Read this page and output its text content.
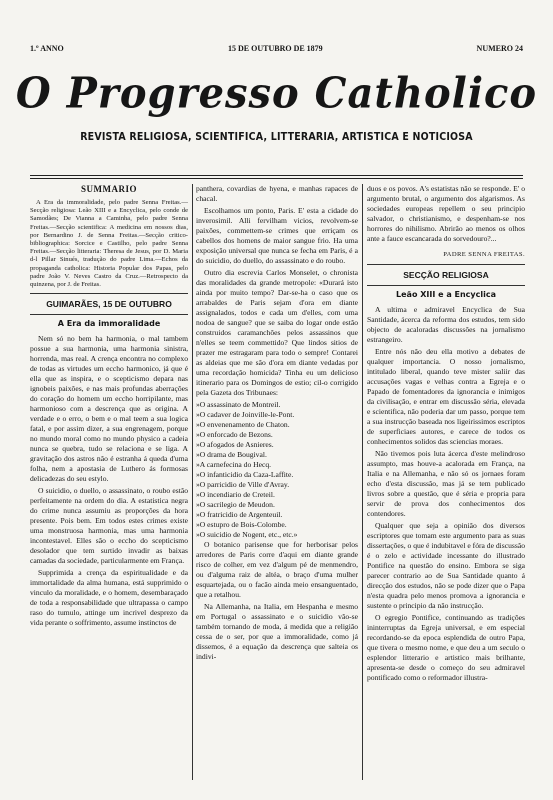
1.º ANNO	15 DE OUTUBRO DE 1879	NUMERO 24
O Progresso Catholico
REVISTA RELIGIOSA, SCIENTIFICA, LITTERARIA, ARTISTICA E NOTICIOSA
SUMMARIO
A Era da immoralidade, pelo padre Senna Freitas.—Secção religiosa: Leão XIII e a Encyclica, pelo conde de Samodães; De Vianna a Caminha, pelo padre Senna Freitas.—Secção scientifica: A medicina em nossos dias, por Bernardino J. de Senna Freitas.—Secção critico-bibliographica: Sorcice e Castilho, pelo padre Senna Freitas.—Secção litteraria: Theresa de Jesus, por D. Maria d-l Pillar Sinués, tradução do padre Lima.—Echos da propaganda catholica: Historia Popular dos Papas, pelo padre João V. Neves Castro da Cruz.—Retrospecto da quinzena, por J. de Freitas.
GUIMARÃES, 15 DE OUTUBRO
A Era da immoralidade

Nem só no bem ha harmonia, o mal tambem possue a sua harmonia, uma harmonia sinistra, horrenda, mas real. A crença encontra no complexo de todas as virtudes um eccho harmonico, já que é ella que as inspira, e o scepticismo depara nas ignobeis paixões, e nas mais profundas aberrações do coração do homem um eccho horripilante, mas harmonioso com a descrença que as origina. A verdade e o erro, o bem e o mal teem a sua logica fatal, e por assim dizer, a sua engrenagem, porque no mundo moral como no mundo physico a cadeia nunca se quebra, tudo se relaciona e se liga. A gravitação dos astros não é estranha á queda d'uma folha, nem a apostasia de Luthero ás formosas delicadezas do seu estylo.

O suicidio, o duello, o assassinato, o roubo estão perfeitamente na ordem do dia. A estatistica negra do crime nunca assumiu as proporções da hora presente. Pois bem. Em todos estes crimes existe uma monstruosa harmonia, mas uma harmonia incontestavel. Elles são o eccho do scepticismo desolador que tem surtido invadir as baixas camadas da sociedade, particularmente em França.

Supprimida a crença da espiritualidade e da immortalidade da alma humana, está supprimido o vinculo da moralidade, e o homem, desembaraçado de toda a responsabilidade que ultrapassa o campo raso do tumulo, attinge um incrivel desprezo da vida perante o soffrimento, assume instinctos de

panthera, covardias de hyena, e manhas rapaces de chacal.

Escolhamos um ponto, Paris. E' esta a cidade do inverosimil. Alli fervilham vicios, revolvem-se paixões, commettem-se crimes que erriçam os cabellos dos homens de maior sangue frio. Ha uma exposição universal que nunca se fecha em Paris, é a do suicidio, do duello, do assassinato e do roubo.

Outro dia escrevia Carlos Monselet, o chronista das moralidades da grande metropole: «Durará isto ainda por muito tempo? Dar-se-ha o caso que os arrabaldes de Paris sejam d'ora em diante assignalados, todos e cada um d'elles, com uma nodoa de sangue? que se saiba do logar onde estão construidos caramanchões pelos assassinos que n'elles se teem commettido? Que lindos sitios de prazer me estragaram para todo o sempre! Contarei as aldeias que me são d'ora em diante vedadas por uma recordação homicida? Tinha eu um delicioso itinerario para os Domingos de estio; cil-o corrigido pela Gazeta dos Tribunaes:

»O assassinato de Montreil.

»O cadaver de Joinville-le-Pont.

»O envenenamento de Chaton.

»O enforcado de Bezons.

»O afogados de Asnieres.

»O drama de Bougival.

»A carnefecina do Hecq.

»O infanticidio da Caza-Laffite.

»O parricidio de Ville d'Avray.

»O incendiario de Creteil.

»O sacrilegio de Meudon.

»O fratricidio de Argenteuil.

»O estupro de Bois-Colombe.

»O suicidio de Nogent, etc., etc.»

O botanico parisense que for herborisar pelos arredores de Paris corre d'aqui em diante grande risco de colher, em vez d'algum pé de menmendro, ou d'alguma raiz de altéa, o braço d'uma mulher esquartejada, ou o facão ainda meio ensanguentado, que a retalhou.

Na Allemanha, na Italia, em Hespanha e mesmo em Portugal o assassinato e o suicidio vão-se também tornando de moda, á medida que a religião cessa de o ser, por que a immoralidade, como já dissemos, é a equação da descrença que salteia os indivi-

duos e os povos. A's estatistas não se responde. E' o argumento brutal, o argumento dos algarismos. As sociedades europeas repellem o seu principio salvador, o christianismo, e despenham-se nos horrores do nihilismo. Abrirão ao menos os olhos ante a fauce escancarada do sorvedouro?...

PADRE SENNA FREITAS.
SECÇÃO RELIGIOSA
Leão XIII e a Encyclica

A ultima e admiravel Encyclica de Sua Santidade, ácerca da reforma dos estudos, tem sido objecto de acaloradas discussões na jornalismo estrangeiro.

Entre nós não deu ella motivo a debates de qualquer importancia. O nosso jornalismo, intitulado liberal, quando teve mister saliir das accusações vagas e velhas contra a Egreja e o Papado de fomentadores da ignorancia e inimigos da civilisação, e entrar em discussão séria, elevada e scientifica, não poderia dar um passo, porque tem a sua instrucção baseada nos ligeirissimos escriptos de superficiaes autores, e carece de todos os conhecimentos solidos das sciencias moraes.

Não tivemos pois luta ácerca d'este melindroso assumpto, mas houve-a acalorada em França, na Italia e na Allemanha, e não só os jornaes foram echo d'esta discussão, mas já se tem publicado livros sobre a questão, que é séria e propria para servir de prova dos conhecimentos dos contendores.

Qualquer que seja a opinião dos diversos escriptores que tomam este argumento para as suas dissertações, o que é indubitavel e fóra de discussão é o zelo e actividade incessante do illustrado Pontifice na questão do ensino. Embora se siga parecer contrario ao de Sua Santidade quanto á direcção dos estudos, não se pode dizer que o Papa n'esta quadra pelo menos promova a ignorancia e sustente o principio da não instrucção.

O egregio Pontifice, continuando as tradições ininterruptas da Egreja universal, e em especial recordando-se da epoca esplendida de outro Papa, que tivera o mesmo nome, e que deu a um seculo o esplendor litterario e artistico mais brilhante, apresenta-se desde o começo do seu admiravel pontificado como o reformador illustra-
